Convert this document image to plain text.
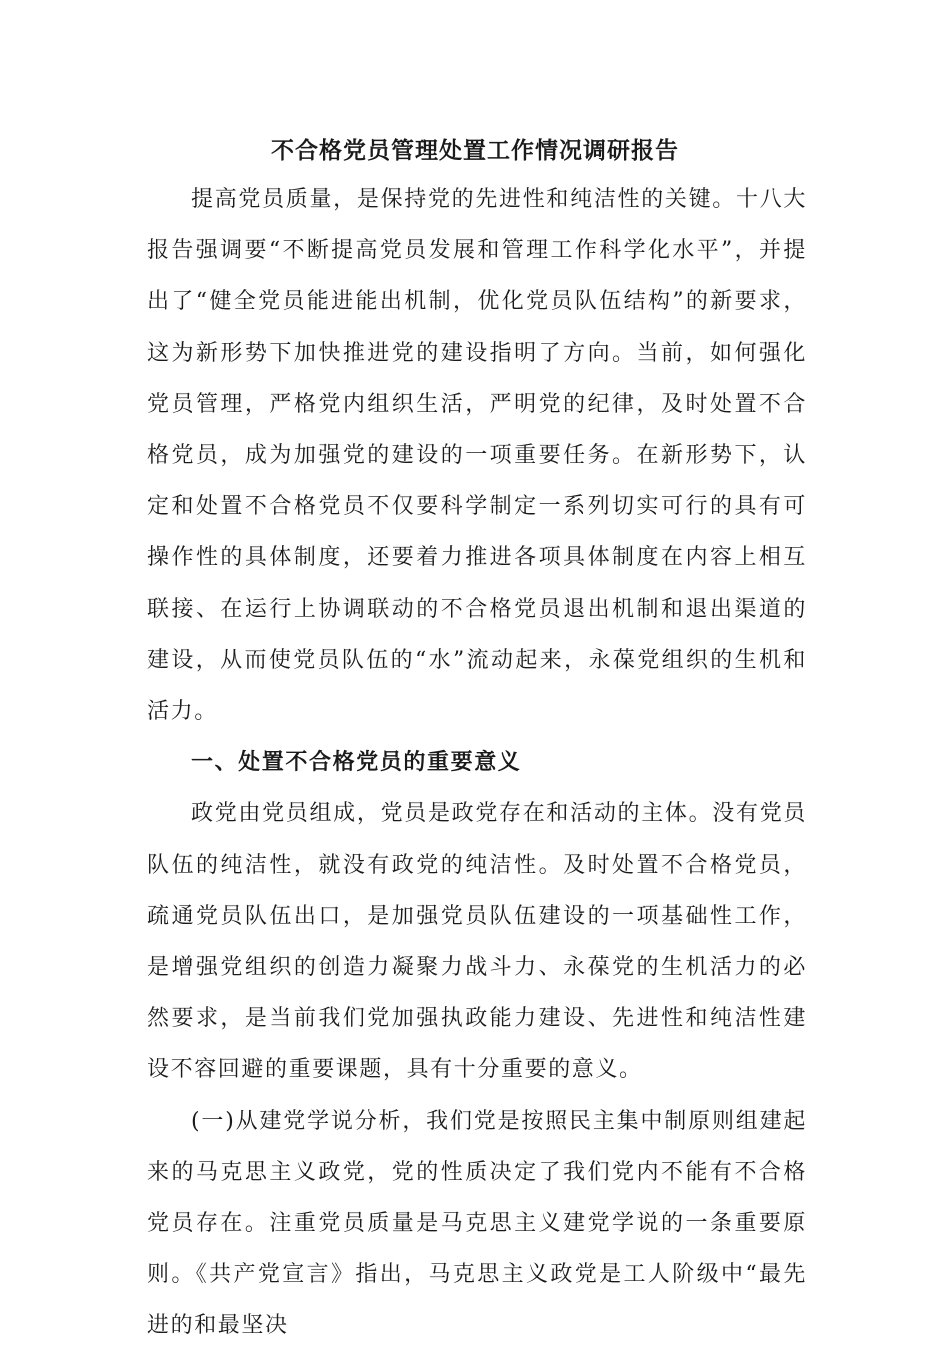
不合格党员管理处置工作情况调研报告

提高党员质量，是保持党的先进性和纯洁性的关键。十八大报告强调要“不断提高党员发展和管理工作科学化水平”，并提出了“健全党员能进能出机制，优化党员队伍结构”的新要求，这为新形势下加快推进党的建设指明了方向。当前，如何强化党员管理，严格党内组织生活，严明党的纪律，及时处置不合格党员，成为加强党的建设的一项重要任务。在新形势下，认定和处置不合格党员不仅要科学制定一系列切实可行的具有可操作性的具体制度，还要着力推进各项具体制度在内容上相互联接、在运行上协调联动的不合格党员退出机制和退出渠道的建设，从而使党员队伍的“水”流动起来，永葆党组织的生机和活力。

一、处置不合格党员的重要意义

政党由党员组成，党员是政党存在和活动的主体。没有党员队伍的纯洁性，就没有政党的纯洁性。及时处置不合格党员，疏通党员队伍出口，是加强党员队伍建设的一项基础性工作，是增强党组织的创造力凝聚力战斗力、永葆党的生机活力的必然要求，是当前我们党加强执政能力建设、先进性和纯洁性建设不容回避的重要课题，具有十分重要的意义。

(一)从建党学说分析，我们党是按照民主集中制原则组建起来的马克思主义政党，党的性质决定了我们党内不能有不合格党员存在。注重党员质量是马克思主义建党学说的一条重要原则。《共产党宣言》指出，马克思主义政党是工人阶级中“最先进的和最坚决
